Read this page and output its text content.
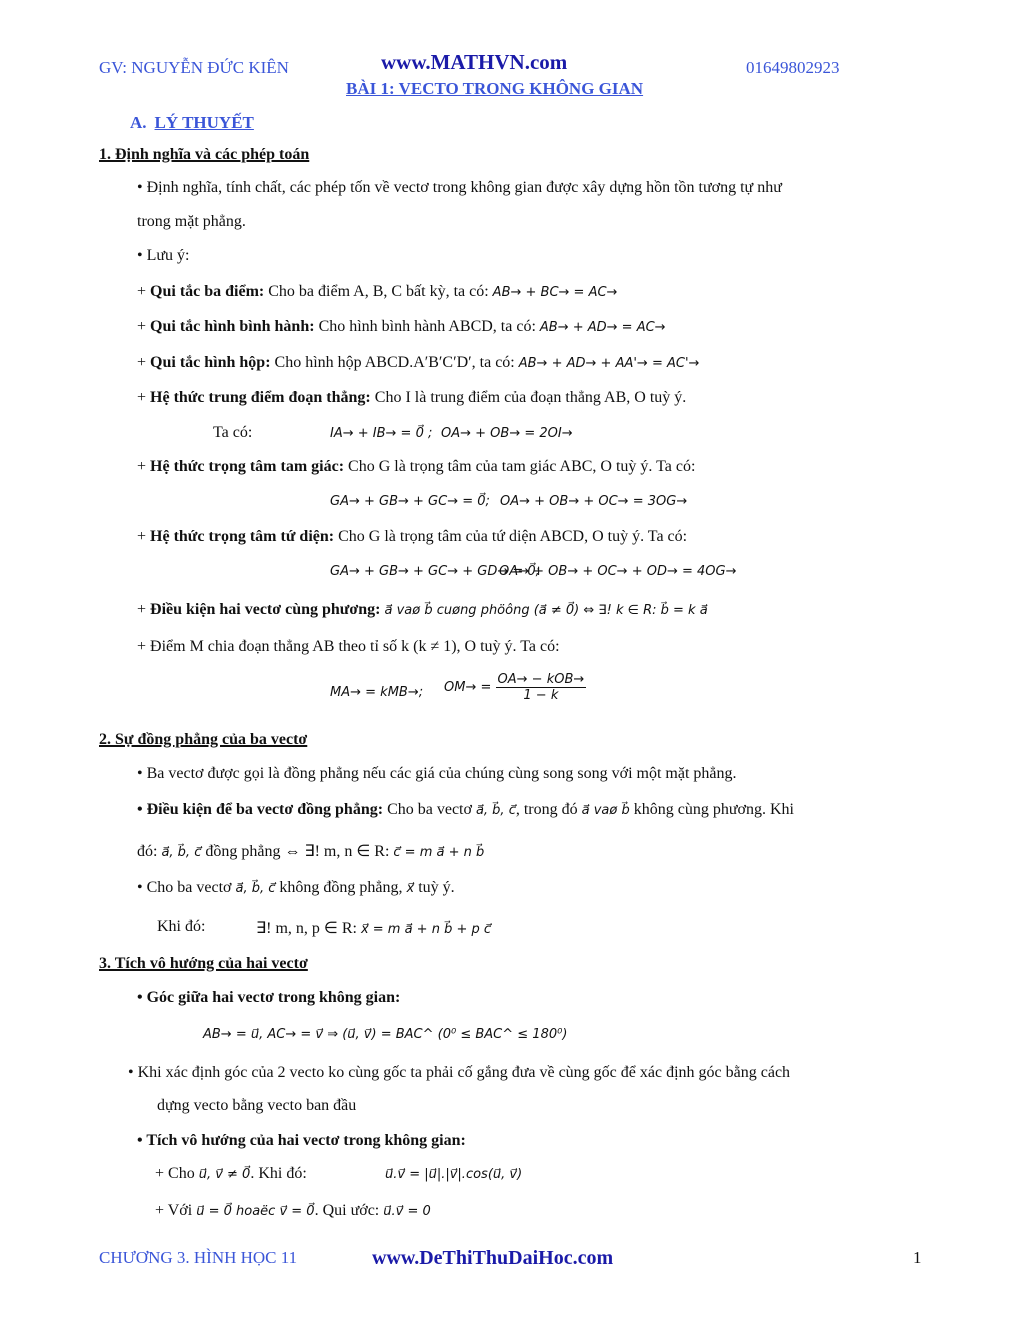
GV: NGUYỄN ĐỨC KIÊN	www.MATHVN.com	01649802923
BÀI 1: VECTO TRONG KHÔNG GIAN
A. LÝ THUYẾT
1. Định nghĩa và các phép toán
• Định nghĩa, tính chất, các phép tốn về vectơ trong không gian được xây dựng hồn tồn tương tự như
trong mặt phẳng.
• Lưu ý:
+ Qui tắc ba điểm: Cho ba điểm A, B, C bất kỳ, ta có: AB→ + BC→ = AC→
+ Qui tắc hình bình hành: Cho hình bình hành ABCD, ta có: AB→ + AD→ = AC→
+ Qui tắc hình hộp: Cho hình hộp ABCD.A′B′C′D′, ta có: AB→ + AD→ + AA'→ = AC'→
+ Hệ thức trung điểm đoạn thẳng: Cho I là trung điểm của đoạn thẳng AB, O tuỳ ý.
Ta có:	IA→ + IB→ = 0⃗ ; OA→ + OB→ = 2OI→
+ Hệ thức trọng tâm tam giác: Cho G là trọng tâm của tam giác ABC, O tuỳ ý. Ta có:
GA→ + GB→ + GC→ = 0⃗; OA→ + OB→ + OC→ = 3OG→
+ Hệ thức trọng tâm tứ diện: Cho G là trọng tâm của tứ diện ABCD, O tuỳ ý. Ta có:
GA→ + GB→ + GC→ + GD→ = 0⃗;
OA→ + OB→ + OC→ + OD→ = 4OG→
+ Điều kiện hai vectơ cùng phương: a⃗ vaø b⃗ cuøng phöông (a⃗ ≠ 0⃗) ⇔ ∃! k ∈ R: b⃗ = k a⃗
+ Điểm M chia đoạn thẳng AB theo tỉ số k (k ≠ 1), O tuỳ ý. Ta có:
MA→ = kMB→; $OM\to = \frac{\text{OA→ − kOB→}}{1 - k}$
2. Sự đồng phẳng của ba vectơ
• Ba vectơ được gọi là đồng phẳng nếu các giá của chúng cùng song song với một mặt phẳng.
• Điều kiện để ba vectơ đồng phẳng: Cho ba vectơ a⃗, b⃗, c⃗, trong đó a⃗ vaø b⃗ không cùng phương. Khi
đó: a⃗, b⃗, c⃗ đồng phẳng ⇔ ∃! m, n ∈ R: c⃗ = m a⃗ + n b⃗
• Cho ba vectơ a⃗, b⃗, c⃗ không đồng phẳng, x⃗ tuỳ ý.
Khi đó:	∃! m, n, p ∈ R: x⃗ = m a⃗ + n b⃗ + p c⃗
3. Tích vô hướng của hai vectơ
• Góc giữa hai vectơ trong không gian:
AB→ = u⃗, AC→ = v⃗ ⇒ (u⃗, v⃗) = BAC^ (0⁰ ≤ BAC^ ≤ 180⁰)
• Khi xác định góc của 2 vecto ko cùng gốc ta phải cố gắng đưa về cùng gốc để xác định góc bằng cách
dựng vecto bằng vecto ban đầu
• Tích vô hướng của hai vectơ trong không gian:
+ Cho u⃗, v⃗ ≠ 0⃗. Khi đó:	u⃗.v⃗ = |u⃗|.|v⃗|.cos(u⃗, v⃗)
+ Với u⃗ = 0⃗ hoaëc v⃗ = 0⃗. Qui ước: u⃗.v⃗ = 0
CHƯƠNG 3. HÌNH HỌC 11	www.DeThiThuDaiHoc.com	1
